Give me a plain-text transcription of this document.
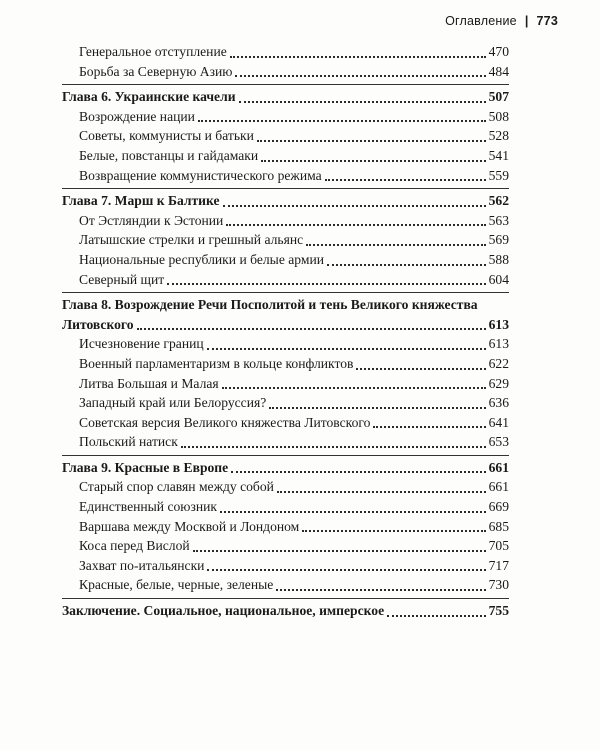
Оглавление | 773
Генеральное отступление	470
Борьба за Северную Азию	484
Глава 6. Украинские качели	507
Возрождение нации	508
Советы, коммунисты и батьки	528
Белые, повстанцы и гайдамаки	541
Возвращение коммунистического режима	559
Глава 7. Марш к Балтике	562
От Эстляндии к Эстонии	563
Латышские стрелки и грешный альянс	569
Национальные республики и белые армии	588
Северный щит	604
Глава 8. Возрождение Речи Посполитой и тень Великого княжества
Литовского	613
Исчезновение границ	613
Военный парламентаризм в кольце конфликтов	622
Литва Большая и Малая	629
Западный край или Белоруссия?	636
Советская версия Великого княжества Литовского	641
Польский натиск	653
Глава 9. Красные в Европе	661
Старый спор славян между собой	661
Единственный союзник	669
Варшава между Москвой и Лондоном	685
Коса перед Вислой	705
Захват по-итальянски	717
Красные, белые, черные, зеленые	730
Заключение. Социальное, национальное, имперское	755
